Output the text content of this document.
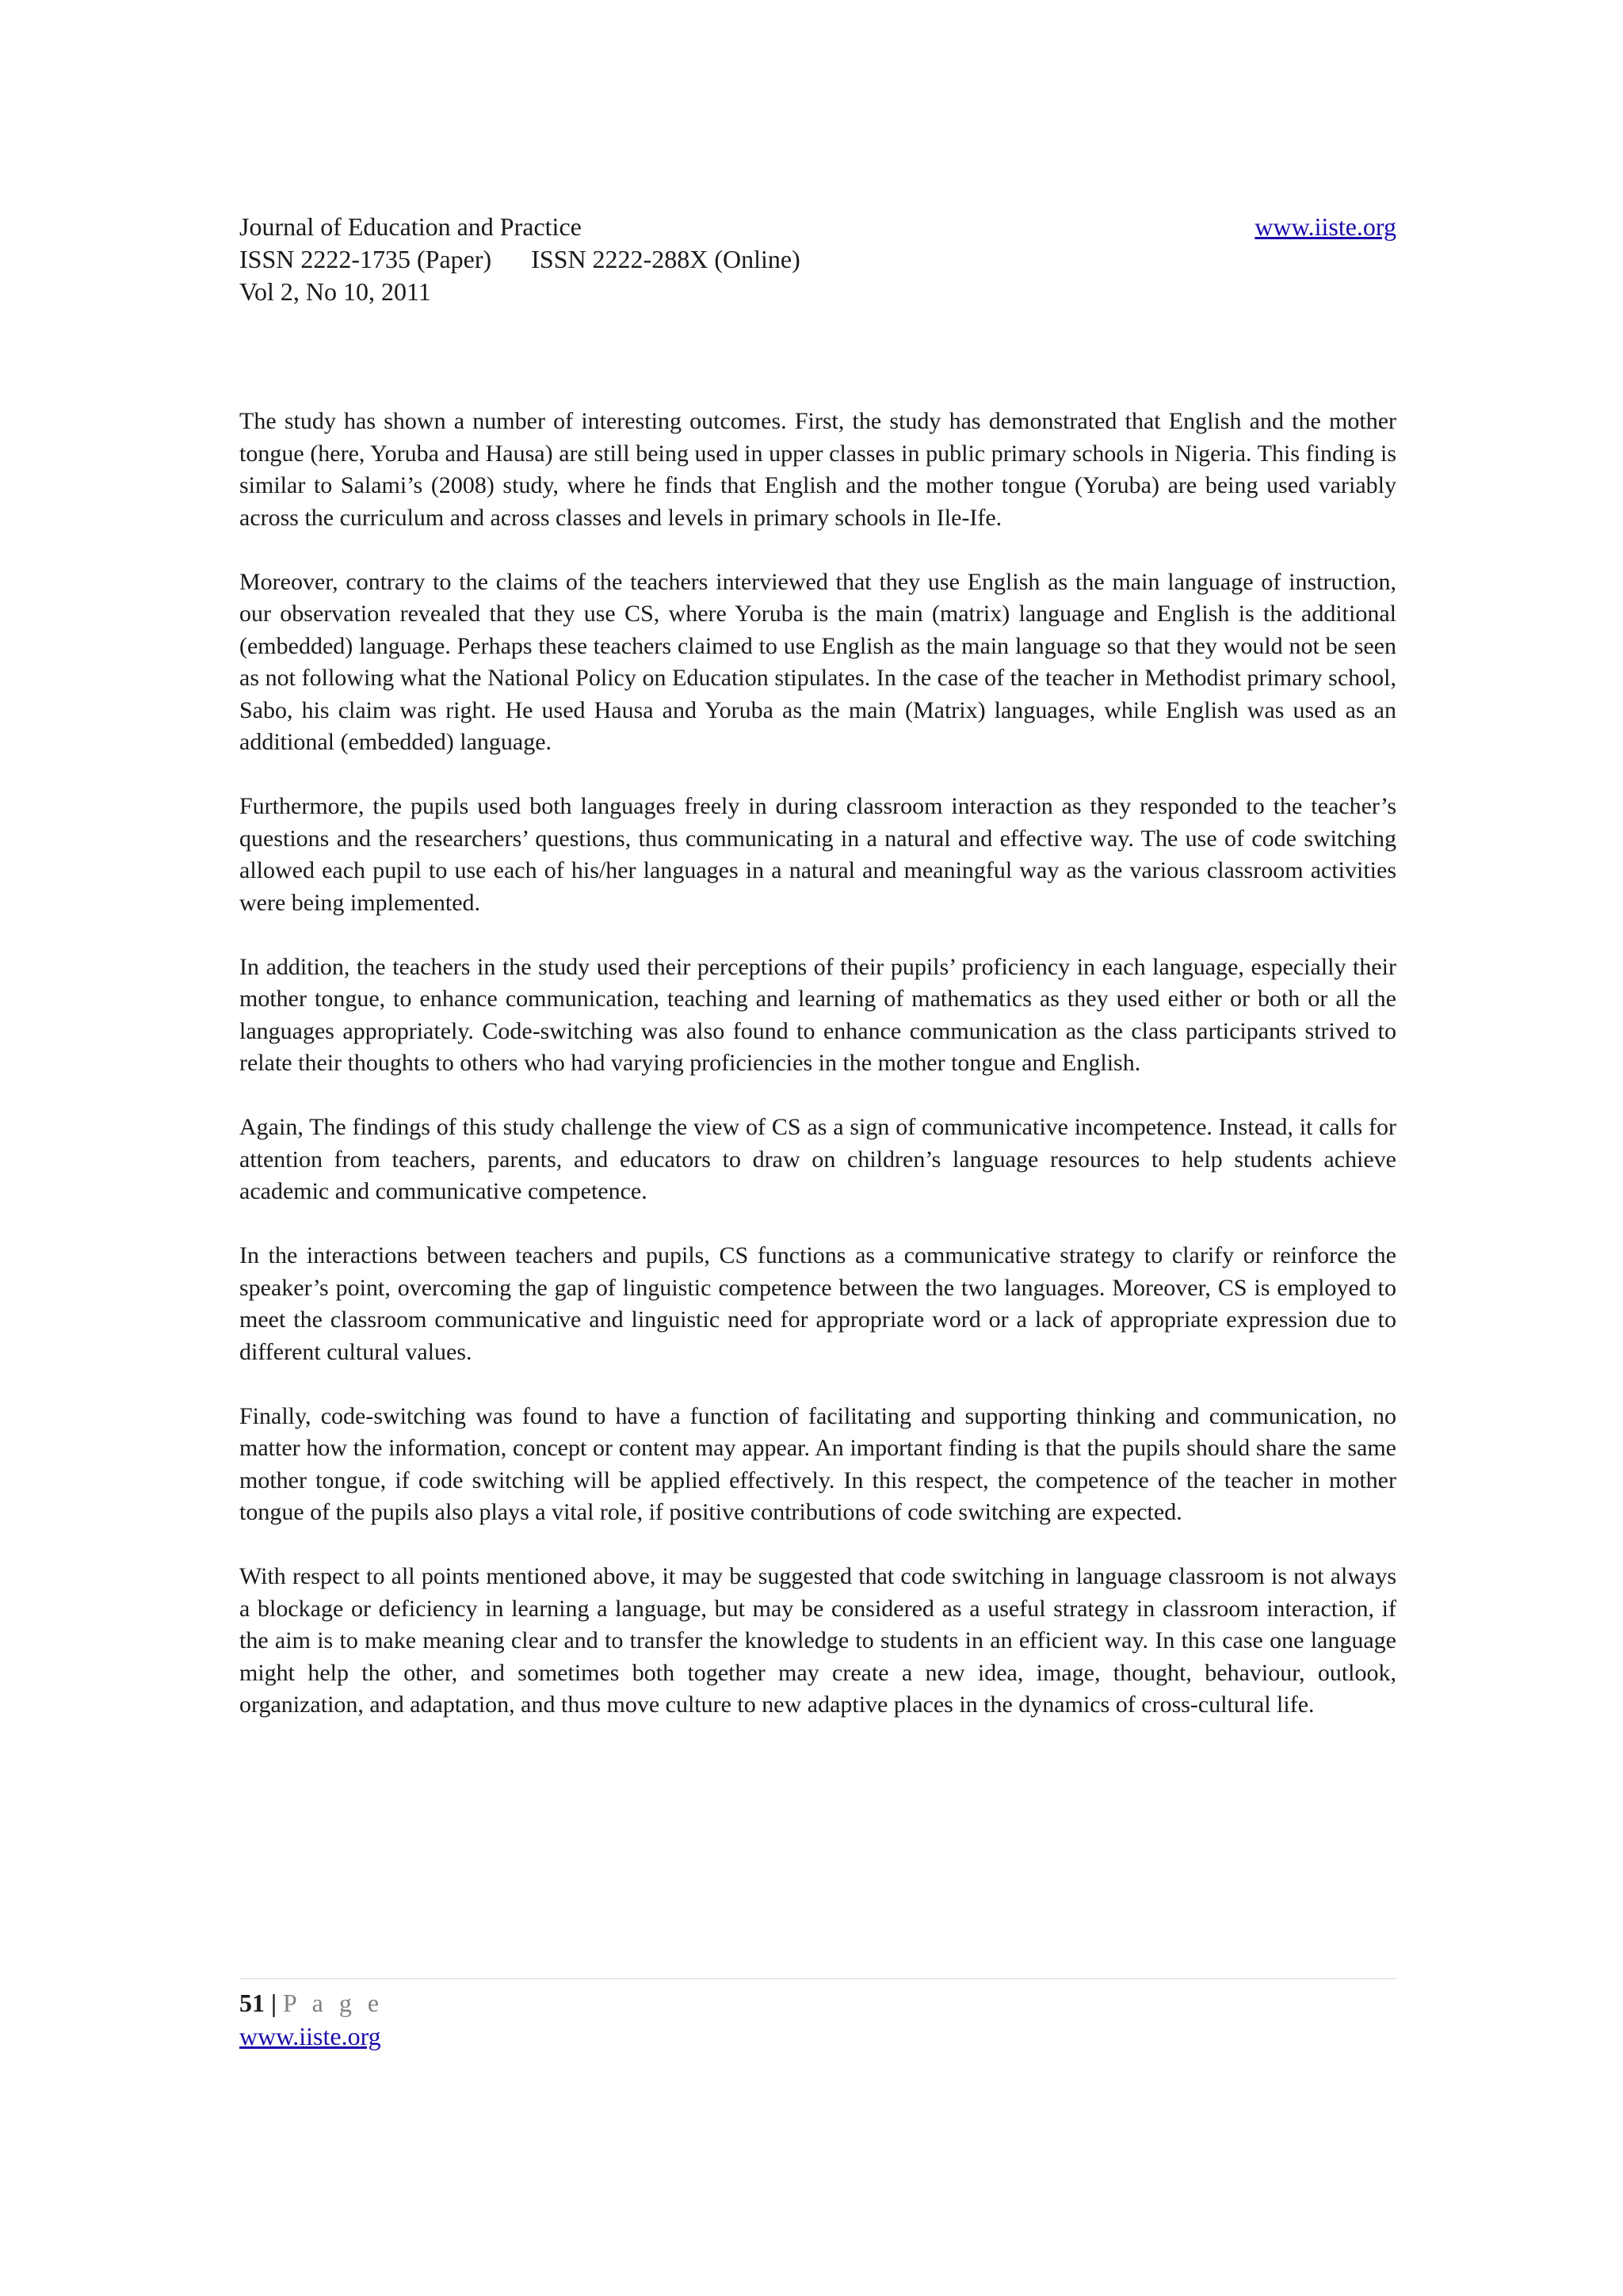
Journal of Education and Practice	www.iiste.org
ISSN 2222-1735 (Paper) ISSN 2222-288X (Online)
Vol 2, No 10, 2011

The study has shown a number of interesting outcomes. First, the study has demonstrated that English and the mother tongue (here, Yoruba and Hausa) are still being used in upper classes in public primary schools in Nigeria. This finding is similar to Salami’s (2008) study, where he finds that English and the mother tongue (Yoruba) are being used variably across the curriculum and across classes and levels in primary schools in Ile-Ife.

Moreover, contrary to the claims of the teachers interviewed that they use English as the main language of instruction, our observation revealed that they use CS, where Yoruba is the main (matrix) language and English is the additional (embedded) language. Perhaps these teachers claimed to use English as the main language so that they would not be seen as not following what the National Policy on Education stipulates. In the case of the teacher in Methodist primary school, Sabo, his claim was right. He used Hausa and Yoruba as the main (Matrix) languages, while English was used as an additional (embedded) language.

Furthermore, the pupils used both languages freely in during classroom interaction as they responded to the teacher’s questions and the researchers’ questions, thus communicating in a natural and effective way. The use of code switching allowed each pupil to use each of his/her languages in a natural and meaningful way as the various classroom activities were being implemented.

In addition, the teachers in the study used their perceptions of their pupils’ proficiency in each language, especially their mother tongue, to enhance communication, teaching and learning of mathematics as they used either or both or all the languages appropriately. Code-switching was also found to enhance communication as the class participants strived to relate their thoughts to others who had varying proficiencies in the mother tongue and English.

Again, The findings of this study challenge the view of CS as a sign of communicative incompetence. Instead, it calls for attention from teachers, parents, and educators to draw on children’s language resources to help students achieve academic and communicative competence.

In the interactions between teachers and pupils, CS functions as a communicative strategy to clarify or reinforce the speaker’s point, overcoming the gap of linguistic competence between the two languages. Moreover, CS is employed to meet the classroom communicative and linguistic need for appropriate word or a lack of appropriate expression due to different cultural values.

Finally, code-switching was found to have a function of facilitating and supporting thinking and communication, no matter how the information, concept or content may appear. An important finding is that the pupils should share the same mother tongue, if code switching will be applied effectively. In this respect, the competence of the teacher in mother tongue of the pupils also plays a vital role, if positive contributions of code switching are expected.

With respect to all points mentioned above, it may be suggested that code switching in language classroom is not always a blockage or deficiency in learning a language, but may be considered as a useful strategy in classroom interaction, if the aim is to make meaning clear and to transfer the knowledge to students in an efficient way. In this case one language might help the other, and sometimes both together may create a new idea, image, thought, behaviour, outlook, organization, and adaptation, and thus move culture to new adaptive places in the dynamics of cross-cultural life.

51 | P a g e
www.iiste.org
